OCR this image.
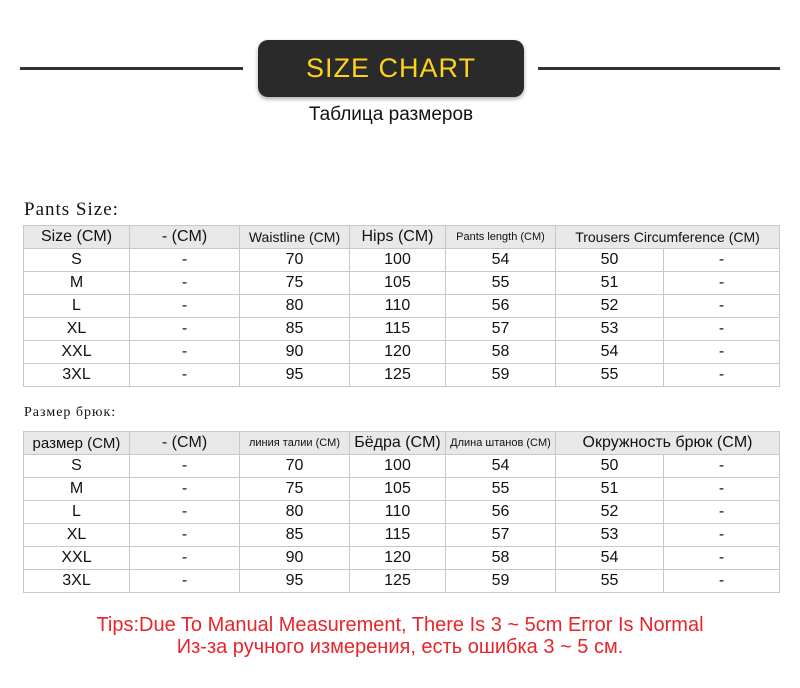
SIZE CHART
Таблица размеров
Pants Size:
Size (CM)	- (CM)	Waistline (CM)	Hips (CM)	Pants length (CM)	Trousers Circumference (CM)	
S	-	70	100	54	50	-
M	-	75	105	55	51	-
L	-	80	110	56	52	-
XL	-	85	115	57	53	-
XXL	-	90	120	58	54	-
3XL	-	95	125	59	55	-
Размер брюк:
размер (CM)	- (CM)	линия талии (CM)	Бёдра (CM)	Длина штанов (CM)	Окружность брюк (CM)	
S	-	70	100	54	50	-
M	-	75	105	55	51	-
L	-	80	110	56	52	-
XL	-	85	115	57	53	-
XXL	-	90	120	58	54	-
3XL	-	95	125	59	55	-
Tips:Due To Manual Measurement, There Is 3 ~ 5cm Error Is Normal
Из-за ручного измерения, есть ошибка 3 ~ 5 см.
